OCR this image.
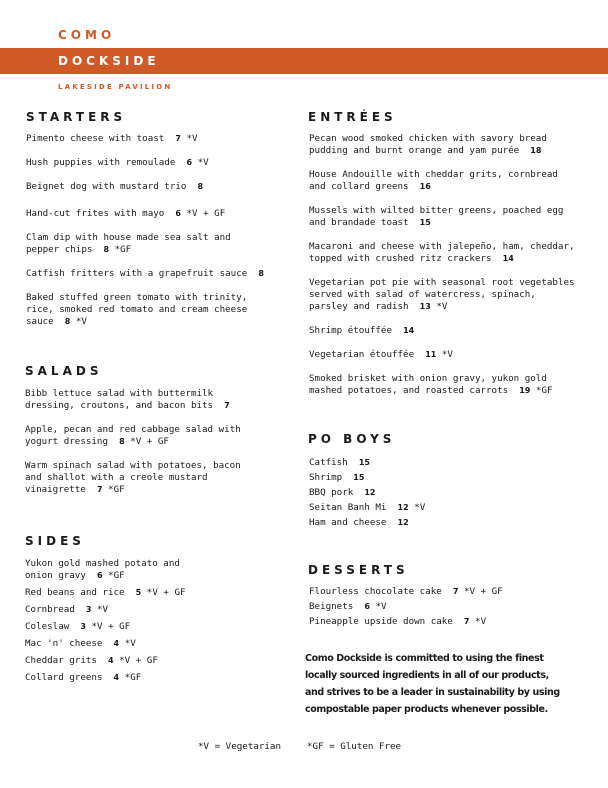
COMO
DOCKSIDE
LAKESIDE PAVILION
STARTERS
Pimento cheese with toast 7 *V
Hush puppies with remoulade 6 *V
Beignet dog with mustard trio 8
Hand-cut frites with mayo 6 *V + GF
Clam dip with house made sea salt and
pepper chips 8 *GF
Catfish fritters with a grapefruit sauce 8
Baked stuffed green tomato with trinity,
rice, smoked red tomato and cream cheese
sauce 8 *V
SALADS
Bibb lettuce salad with buttermilk
dressing, croutons, and bacon bits 7
Apple, pecan and red cabbage salad with
yogurt dressing 8 *V + GF
Warm spinach salad with potatoes, bacon
and shallot with a creole mustard
vinaigrette 7 *GF
SIDES
Yukon gold mashed potato and
onion gravy 6 *GF
Red beans and rice 5 *V + GF
Cornbread 3 *V
Coleslaw 3 *V + GF
Mac 'n' cheese 4 *V
Cheddar grits 4 *V + GF
Collard greens 4 *GF
ENTRÉES
Pecan wood smoked chicken with savory bread
pudding and burnt orange and yam purée 18
House Andouille with cheddar grits, cornbread
and collard greens 16
Mussels with wilted bitter greens, poached egg
and brandade toast 15
Macaroni and cheese with jalepeño, ham, cheddar,
topped with crushed ritz crackers 14
Vegetarian pot pie with seasonal root vegetables
served with salad of watercress, spinach,
parsley and radish 13 *V
Shrimp étouffée 14
Vegetarian étouffée 11 *V
Smoked brisket with onion gravy, yukon gold
mashed potatoes, and roasted carrots 19 *GF
PO BOYS
Catfish 15
Shrimp 15
BBQ pork 12
Seitan Banh Mi 12 *V
Ham and cheese 12
DESSERTS
Flourless chocolate cake 7 *V + GF
Beignets 6 *V
Pineapple upside down cake 7 *V
Como Dockside is committed to using the finest locally sourced ingredients in all of our products, and strives to be a leader in sustainability by using compostable paper products whenever possible.
*V = Vegetarian	*GF = Gluten Free
